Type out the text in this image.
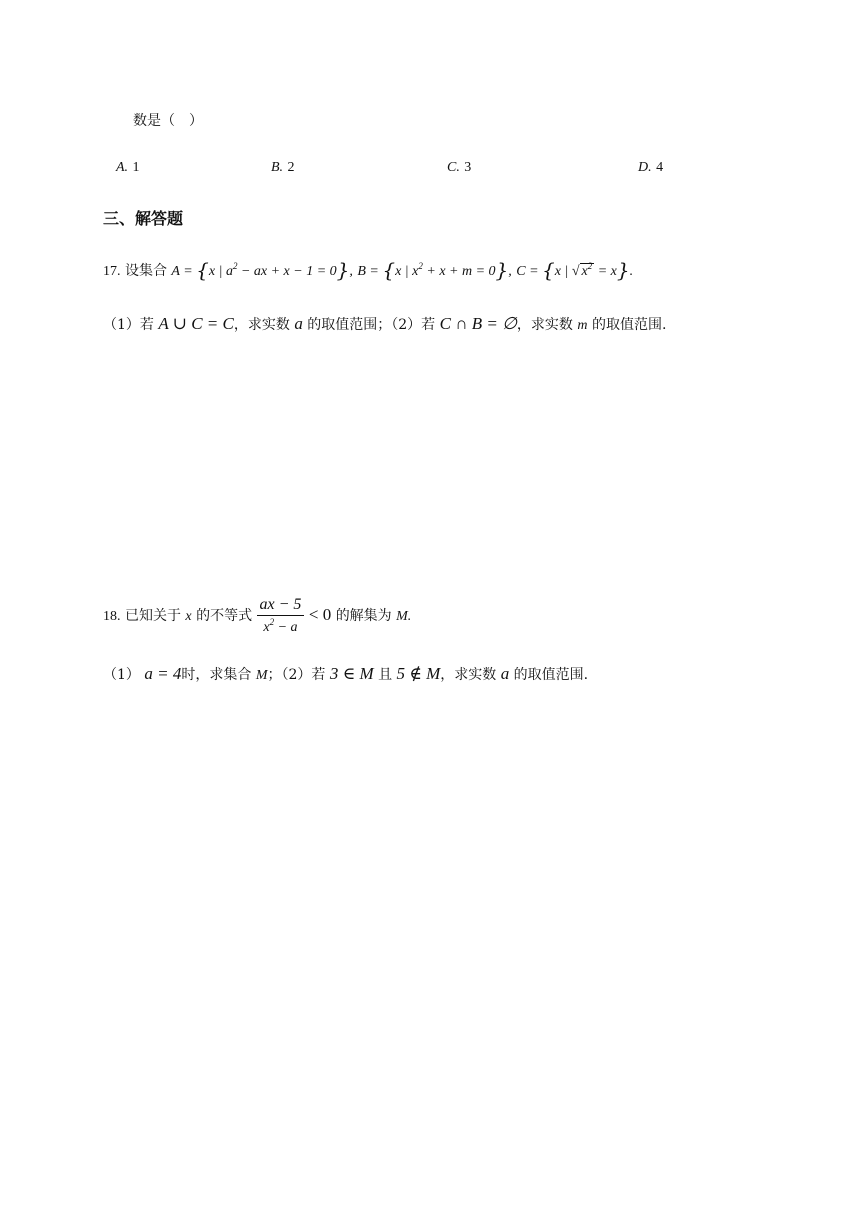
数是（　）
A. 1	B. 2	C. 3	D. 4
三、解答题
17. 设集合 A = {x | $a^2$ − ax + x − 1 = 0}, B = {x | $x^2 + x + m = 0$}, C = {x | √ $x^2 = x$}.
（1）若 A ∪ C = C，求实数 a 的取值范围；（2）若 C ∩ B = ∅，求实数 m 的取值范围.
18. 已知关于 x 的不等式 $\frac{ax - 5}{x^2 - a} < 0$ 的解集为 M.
（1） a = 4时，求集合 M；（2）若 3 ∈ M 且 5 ∉ M，求实数 a 的取值范围.
